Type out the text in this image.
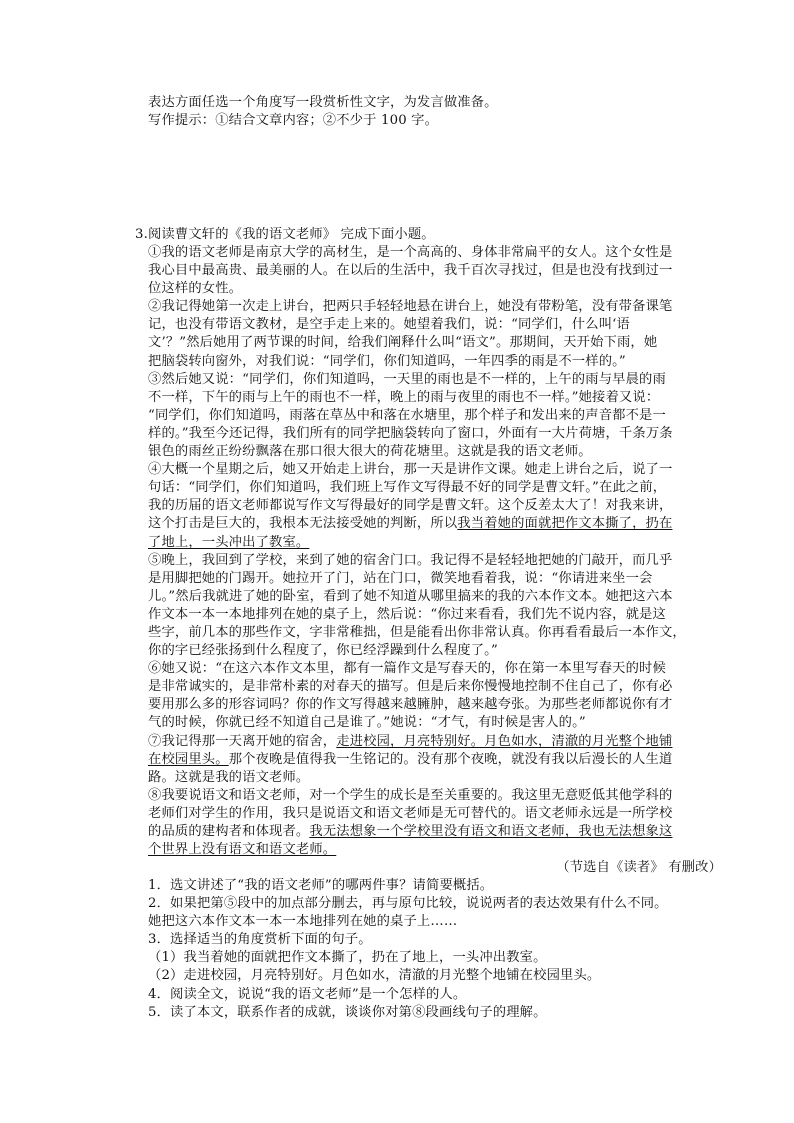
表达方面任选一个角度写一段赏析性文字，为发言做准备。
写作提示：①结合文章内容；②不少于 100 字。
3.阅读曹文轩的《我的语文老师》 完成下面小题。
①我的语文老师是南京大学的高材生，是一个高高的、身体非常扁平的女人。这个女性是
我心目中最高贵、最美丽的人。在以后的生活中，我千百次寻找过，但是也没有找到过一
位这样的女性。
②我记得她第一次走上讲台，把两只手轻轻地悬在讲台上，她没有带粉笔，没有带备课笔
记，也没有带语文教材，是空手走上来的。她望着我们，说：“同学们，什么叫‘语
文’？”然后她用了两节课的时间，给我们阐释什么叫“语文”。那期间，天开始下雨，她
把脑袋转向窗外，对我们说：“同学们，你们知道吗，一年四季的雨是不一样的。”
③然后她又说：“同学们，你们知道吗，一天里的雨也是不一样的，上午的雨与早晨的雨
不一样，下午的雨与上午的雨也不一样，晚上的雨与夜里的雨也不一样。”她接着又说：
“同学们，你们知道吗，雨落在草丛中和落在水塘里，那个样子和发出来的声音都不是一
样的。”我至今还记得，我们所有的同学把脑袋转向了窗口，外面有一大片荷塘，千条万条
银色的雨丝正纷纷飘落在那口很大很大的荷花塘里。这就是我的语文老师。
④大概一个星期之后，她又开始走上讲台，那一天是讲作文课。她走上讲台之后，说了一
句话：“同学们，你们知道吗，我们班上写作文写得最不好的同学是曹文轩。”在此之前，
我的历届的语文老师都说写作文写得最好的同学是曹文轩。这个反差太大了！对我来讲，
这个打击是巨大的，我根本无法接受她的判断，所以我当着她的面就把作文本撕了，扔在
了地上，一头冲出了教室。
⑤晚上，我回到了学校，来到了她的宿舍门口。我记得不是轻轻地把她的门敲开，而几乎
是用脚把她的门踢开。她拉开了门，站在门口，微笑地看着我，说：“你请进来坐一会
儿。”然后我就进了她的卧室，看到了她不知道从哪里搞来的我的六本作文本。她把这六本
作文本一本一本地排列在她的桌子上，然后说：“你过来看看，我们先不说内容，就是这
些字，前几本的那些作文，字非常稚拙，但是能看出你非常认真。你再看看最后一本作文，
你的字已经张扬到什么程度了，你已经浮躁到什么程度了。”
⑥她又说：“在这六本作文本里，都有一篇作文是写春天的，你在第一本里写春天的时候
是非常诚实的，是非常朴素的对春天的描写。但是后来你慢慢地控制不住自己了，你有必
要用那么多的形容词吗？你的作文写得越来越臃肿，越来越夸张。为那些老师都说你有才
气的时候，你就已经不知道自己是谁了。”她说：“才气，有时候是害人的。”
⑦我记得那一天离开她的宿舍，走进校园，月亮特别好。月色如水，清澈的月光整个地铺
在校园里头。那个夜晚是值得我一生铭记的。没有那个夜晚，就没有我以后漫长的人生道
路。这就是我的语文老师。
⑧我要说语文和语文老师，对一个学生的成长是至关重要的。我这里无意贬低其他学科的
老师们对学生的作用，我只是说语文和语文老师是无可替代的。语文老师永远是一所学校
的品质的建构者和体现者。我无法想象一个学校里没有语文和语文老师，我也无法想象这
个世界上没有语文和语文老师。
（节选自《读者》 有删改）
1．选文讲述了“我的语文老师”的哪两件事？请简要概括。
2．如果把第⑤段中的加点部分删去，再与原句比较，说说两者的表达效果有什么不同。
她把这六本作文本一本一本地排列在她的桌子上……
3．选择适当的角度赏析下面的句子。
（1）我当着她的面就把作文本撕了，扔在了地上，一头冲出教室。
（2）走进校园，月亮特别好。月色如水，清澈的月光整个地铺在校园里头。
4．阅读全文，说说“我的语文老师”是一个怎样的人。
5．读了本文，联系作者的成就，谈谈你对第⑧段画线句子的理解。
